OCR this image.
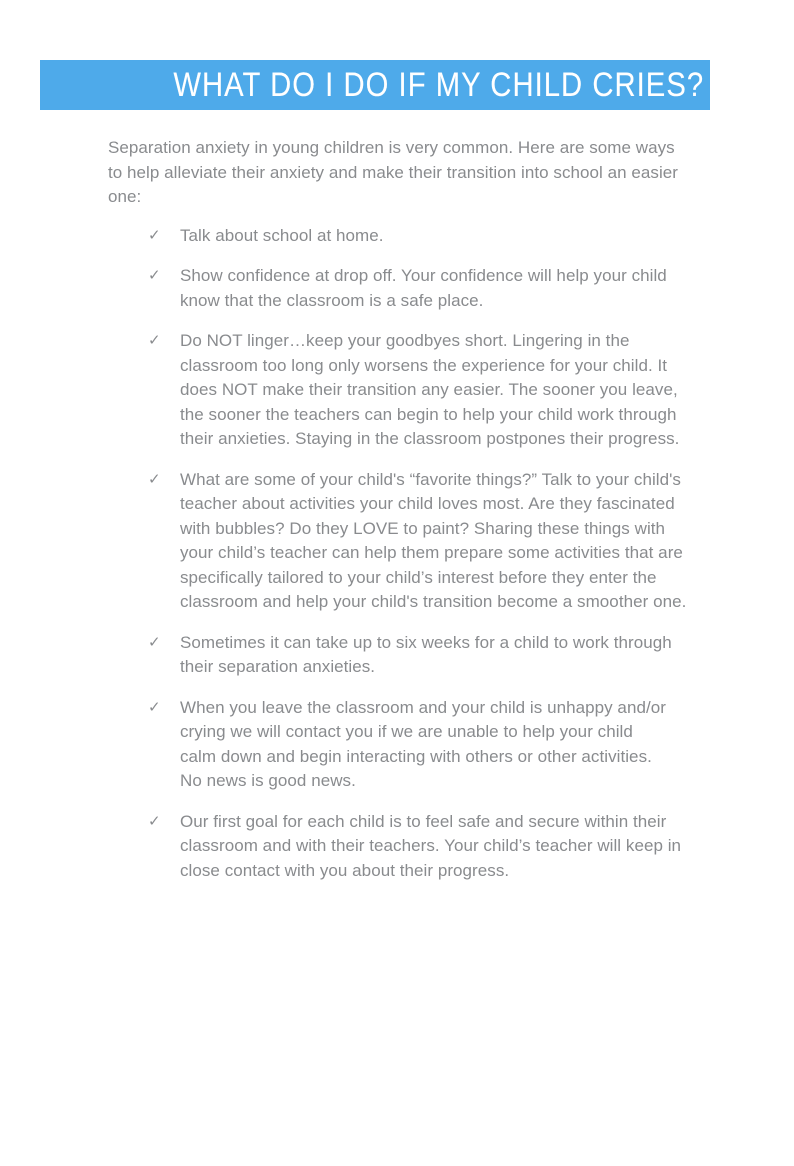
WHAT DO I DO IF MY CHILD CRIES?

Separation anxiety in young children is very common. Here are some ways to help alleviate their anxiety and make their transition into school an easier one:

✓	Talk about school at home.
✓	Show confidence at drop off. Your confidence will help your child know that the classroom is a safe place.
✓	Do NOT linger…keep your goodbyes short. Lingering in the classroom too long only worsens the experience for your child. It does NOT make their transition any easier. The sooner you leave, the sooner the teachers can begin to help your child work through their anxieties. Staying in the classroom postpones their progress.
✓	What are some of your child's “favorite things?” Talk to your child's teacher about activities your child loves most. Are they fascinated with bubbles? Do they LOVE to paint? Sharing these things with your child’s teacher can help them prepare some activities that are specifically tailored to your child’s interest before they enter the classroom and help your child's transition become a smoother one.
✓	Sometimes it can take up to six weeks for a child to work through their separation anxieties.
✓	When you leave the classroom and your child is unhappy and/or crying we will contact you if we are unable to help your child calm down and begin interacting with others or other activities. No news is good news.
✓	Our first goal for each child is to feel safe and secure within their classroom and with their teachers. Your child’s teacher will keep in close contact with you about their progress.
